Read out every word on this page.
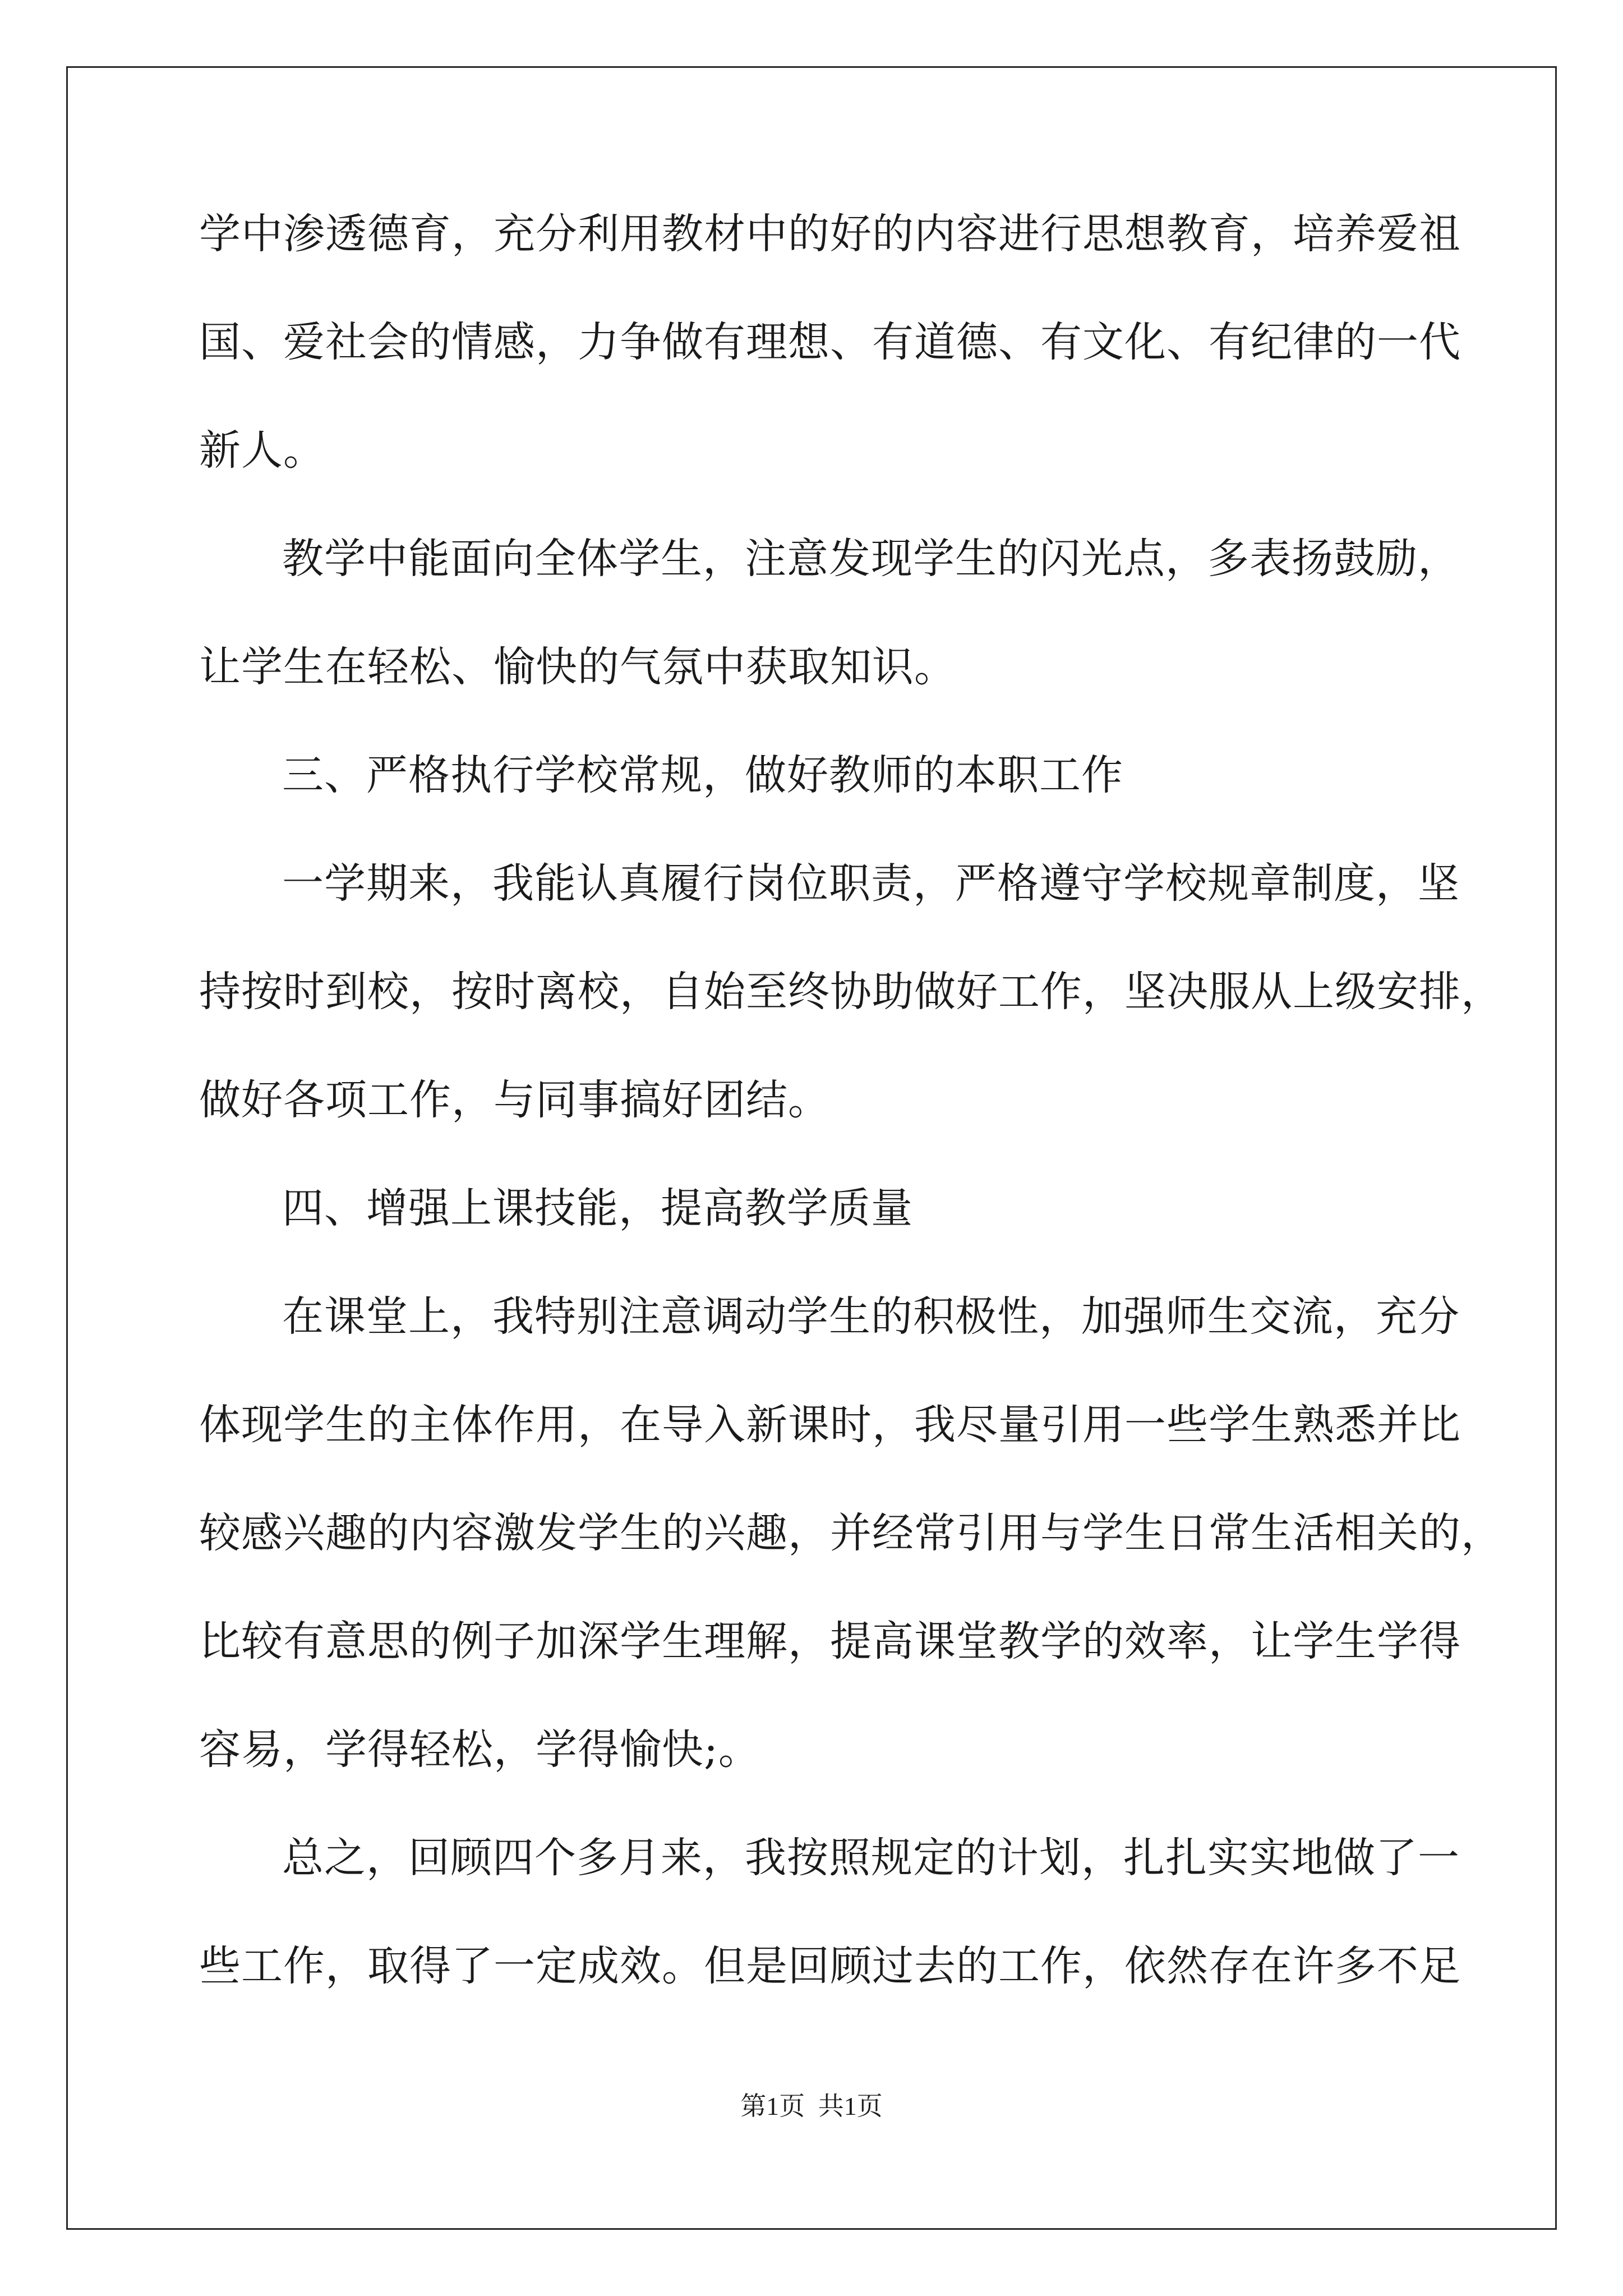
学中渗透德育，充分利用教材中的好的内容进行思想教育，培养爱祖
国、爱社会的情感，力争做有理想、有道德、有文化、有纪律的一代
新人。
教学中能面向全体学生，注意发现学生的闪光点，多表扬鼓励，
让学生在轻松、愉快的气氛中获取知识。
三、严格执行学校常规，做好教师的本职工作
一学期来，我能认真履行岗位职责，严格遵守学校规章制度，坚
持按时到校，按时离校，自始至终协助做好工作，坚决服从上级安排，
做好各项工作，与同事搞好团结。
四、增强上课技能，提高教学质量
在课堂上，我特别注意调动学生的积极性，加强师生交流，充分
体现学生的主体作用，在导入新课时，我尽量引用一些学生熟悉并比
较感兴趣的内容激发学生的兴趣，并经常引用与学生日常生活相关的，
比较有意思的例子加深学生理解，提高课堂教学的效率，让学生学得
容易，学得轻松，学得愉快;。
总之，回顾四个多月来，我按照规定的计划，扎扎实实地做了一
些工作，取得了一定成效。但是回顾过去的工作，依然存在许多不足
第1页 共1页
